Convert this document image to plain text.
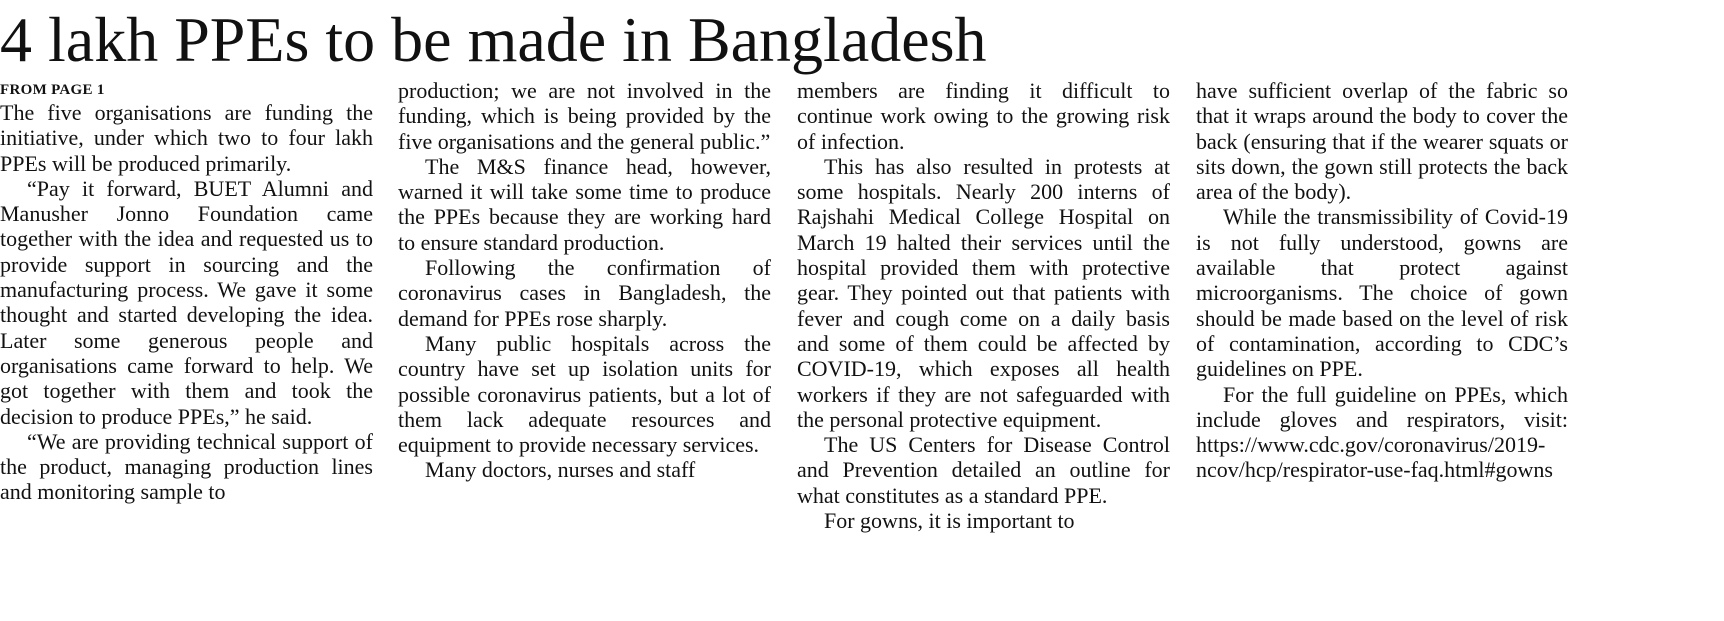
4 lakh PPEs to be made in Bangladesh
FROM PAGE 1

The five organisations are funding the initiative, under which two to four lakh PPEs will be produced primarily.

“Pay it forward, BUET Alumni and Manusher Jonno Foundation came together with the idea and requested us to provide support in sourcing and the manufacturing process. We gave it some thought and started developing the idea. Later some generous people and organisations came forward to help. We got together with them and took the decision to produce PPEs,” he said.

“We are providing technical support of the product, managing production lines and monitoring sample to

production; we are not involved in the funding, which is being provided by the five organisations and the general public.”

The M&S finance head, however, warned it will take some time to produce the PPEs because they are working hard to ensure standard production.

Following the confirmation of coronavirus cases in Bangladesh, the demand for PPEs rose sharply.

Many public hospitals across the country have set up isolation units for possible coronavirus patients, but a lot of them lack adequate resources and equipment to provide necessary services.

Many doctors, nurses and staff

members are finding it difficult to continue work owing to the growing risk of infection.

This has also resulted in protests at some hospitals. Nearly 200 interns of Rajshahi Medical College Hospital on March 19 halted their services until the hospital provided them with protective gear. They pointed out that patients with fever and cough come on a daily basis and some of them could be affected by COVID-19, which exposes all health workers if they are not safeguarded with the personal protective equipment.

The US Centers for Disease Control and Prevention detailed an outline for what constitutes as a standard PPE.

For gowns, it is important to

have sufficient overlap of the fabric so that it wraps around the body to cover the back (ensuring that if the wearer squats or sits down, the gown still protects the back area of the body).

While the transmissibility of Covid-19 is not fully understood, gowns are available that protect against microorganisms. The choice of gown should be made based on the level of risk of contamination, according to CDC’s guidelines on PPE.

For the full guideline on PPEs, which include gloves and respirators, visit: https://www.cdc.gov/coronavirus/2019-ncov/hcp/respirator-use-faq.html#gowns
